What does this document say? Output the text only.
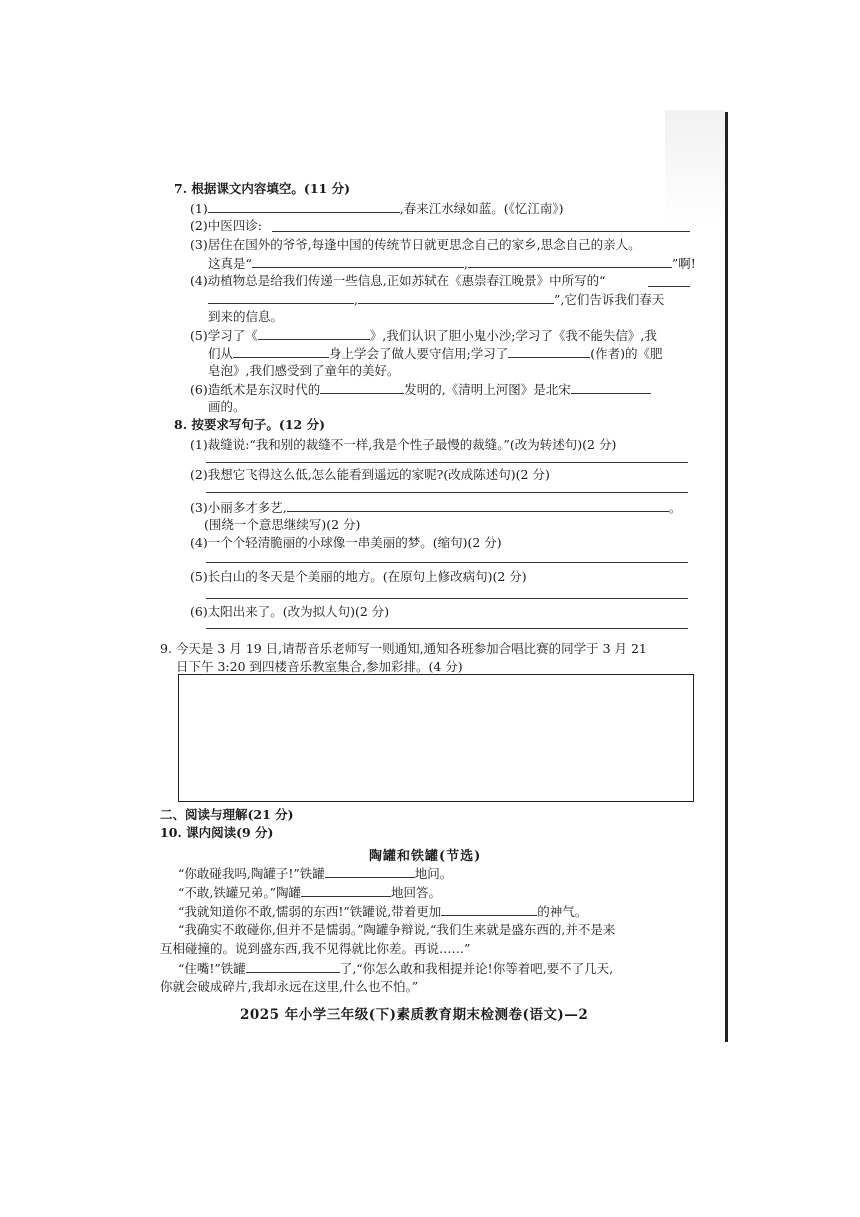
7. 根据课文内容填空。(11 分)
(1)	,春来江水绿如蓝。(《忆江南》)
(2)中医四诊:
(3)居住在国外的爷爷,每逢中国的传统节日就更思念自己的家乡,思念自己的亲人。
这真是“	,	”啊!
(4)动植物总是给我们传递一些信息,正如苏轼在《惠崇春江晚景》中所写的“
,	”,它们告诉我们春天
到来的信息。
(5)学习了《	》,我们认识了胆小鬼小沙;学习了《我不能失信》,我
们从	身上学会了做人要守信用;学习了	(作者)的《肥
皂泡》,我们感受到了童年的美好。
(6)造纸术是东汉时代的	发明的,《清明上河图》是北宋
画的。
8. 按要求写句子。(12 分)
(1)裁缝说:“我和别的裁缝不一样,我是个性子最慢的裁缝。”(改为转述句)(2 分)
(2)我想它飞得这么低,怎么能看到遥远的家呢?(改成陈述句)(2 分)
(3)小丽多才多艺,	。
(围绕一个意思继续写)(2 分)
(4)一个个轻清脆丽的小球像一串美丽的梦。(缩句)(2 分)
(5)长白山的冬天是个美丽的地方。(在原句上修改病句)(2 分)
(6)太阳出来了。(改为拟人句)(2 分)
9. 今天是 3 月 19 日,请帮音乐老师写一则通知,通知各班参加合唱比赛的同学于 3 月 21
日下午 3:20 到四楼音乐教室集合,参加彩排。(4 分)
二、阅读与理解(21 分)
10. 课内阅读(9 分)
陶罐和铁罐(节选)
“你敢碰我吗,陶罐子!”铁罐	地问。
“不敢,铁罐兄弟。”陶罐	地回答。
“我就知道你不敢,懦弱的东西!”铁罐说,带着更加	的神气。
“我确实不敢碰你,但并不是懦弱。”陶罐争辩说,“我们生来就是盛东西的,并不是来
互相碰撞的。说到盛东西,我不见得就比你差。再说……”
“住嘴!”铁罐	了,“你怎么敢和我相提并论!你等着吧,要不了几天,
你就会破成碎片,我却永远在这里,什么也不怕。”
2025 年小学三年级(下)素质教育期末检测卷(语文)—2
